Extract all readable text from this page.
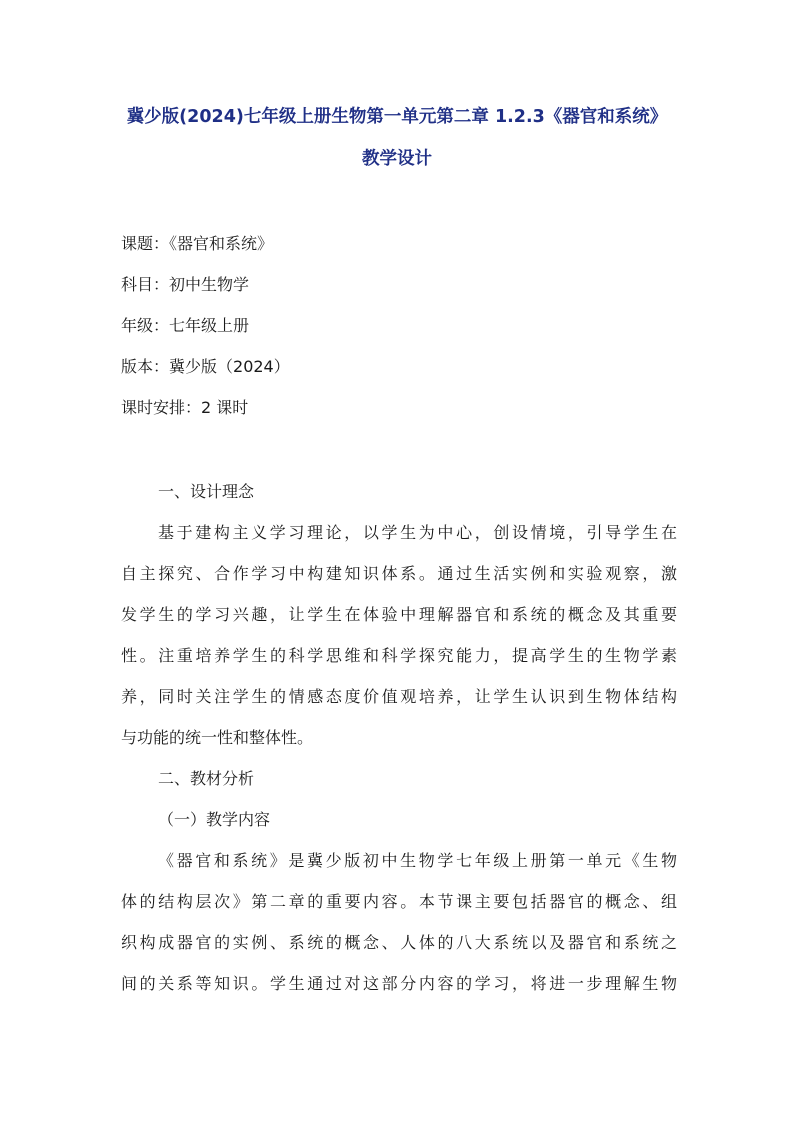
冀少版(2024)七年级上册生物第一单元第二章 1.2.3《器官和系统》
教学设计

课题：《器官和系统》

科目：初中生物学

年级：七年级上册

版本：冀少版（2024）

课时安排：2 课时

一、设计理念

基于建构主义学习理论，以学生为中心，创设情境，引导学生在

自主探究、合作学习中构建知识体系。通过生活实例和实验观察，激

发学生的学习兴趣，让学生在体验中理解器官和系统的概念及其重要

性。注重培养学生的科学思维和科学探究能力，提高学生的生物学素

养，同时关注学生的情感态度价值观培养，让学生认识到生物体结构

与功能的统一性和整体性。

二、教材分析

（一）教学内容

《器官和系统》是冀少版初中生物学七年级上册第一单元《生物

体的结构层次》第二章的重要内容。本节课主要包括器官的概念、组

织构成器官的实例、系统的概念、人体的八大系统以及器官和系统之

间的关系等知识。学生通过对这部分内容的学习，将进一步理解生物
